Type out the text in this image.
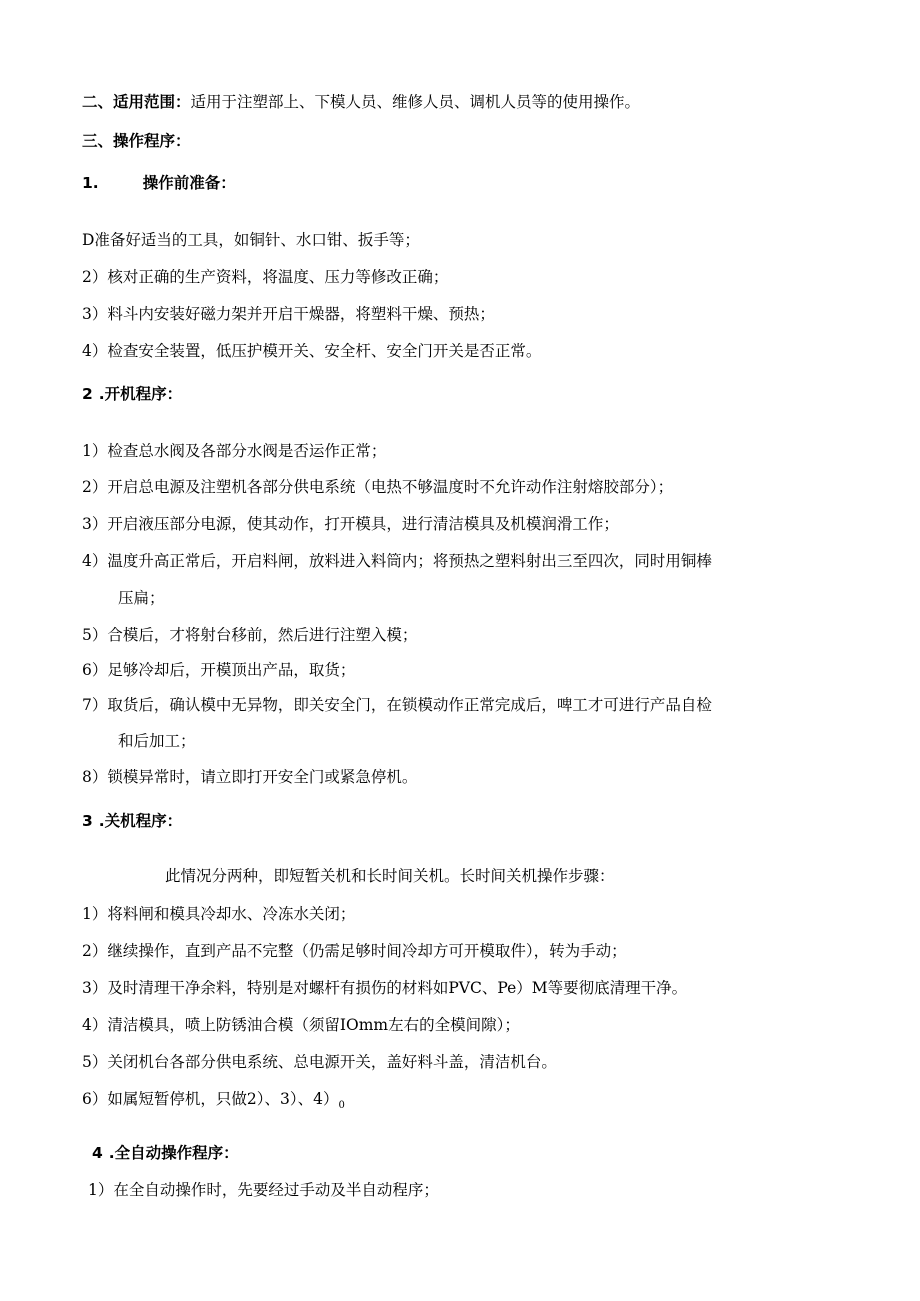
二、适用范围：适用于注塑部上、下模人员、维修人员、调机人员等的使用操作。
三、操作程序：
1.	操作前准备：
D准备好适当的工具，如铜针、水口钳、扳手等；
2）核对正确的生产资料，将温度、压力等修改正确；
3）料斗内安装好磁力架并开启干燥器，将塑料干燥、预热；
4）检查安全装置，低压护模开关、安全杆、安全门开关是否正常。
2 .开机程序：
1）检查总水阀及各部分水阀是否运作正常；
2）开启总电源及注塑机各部分供电系统（电热不够温度时不允许动作注射熔胶部分）；
3）开启液压部分电源，使其动作，打开模具，进行清洁模具及机模润滑工作；
4）温度升高正常后，开启料闸，放料进入料筒内；将预热之塑料射出三至四次，同时用铜棒
压扁；
5）合模后，才将射台移前，然后进行注塑入模；
6）足够冷却后，开模顶出产品，取货；
7）取货后，确认模中无异物，即关安全门，在锁模动作正常完成后，啤工才可进行产品自检
和后加工；
8）锁模异常时，请立即打开安全门或紧急停机。
3 .关机程序：
此情况分两种，即短暂关机和长时间关机。长时间关机操作步骤：
1）将料闸和模具冷却水、冷冻水关闭；
2）继续操作，直到产品不完整（仍需足够时间冷却方可开模取件），转为手动；
3）及时清理干净余料，特别是对螺杆有损伤的材料如PVC、Pe）M等要彻底清理干净。
4）清洁模具，喷上防锈油合模（须留IOmm左右的全模间隙）；
5）关闭机台各部分供电系统、总电源开关，盖好料斗盖，清洁机台。
6）如属短暂停机，只做2）、3）、$4)_0$
4 .全自动操作程序：
1）在全自动操作时，先要经过手动及半自动程序；
